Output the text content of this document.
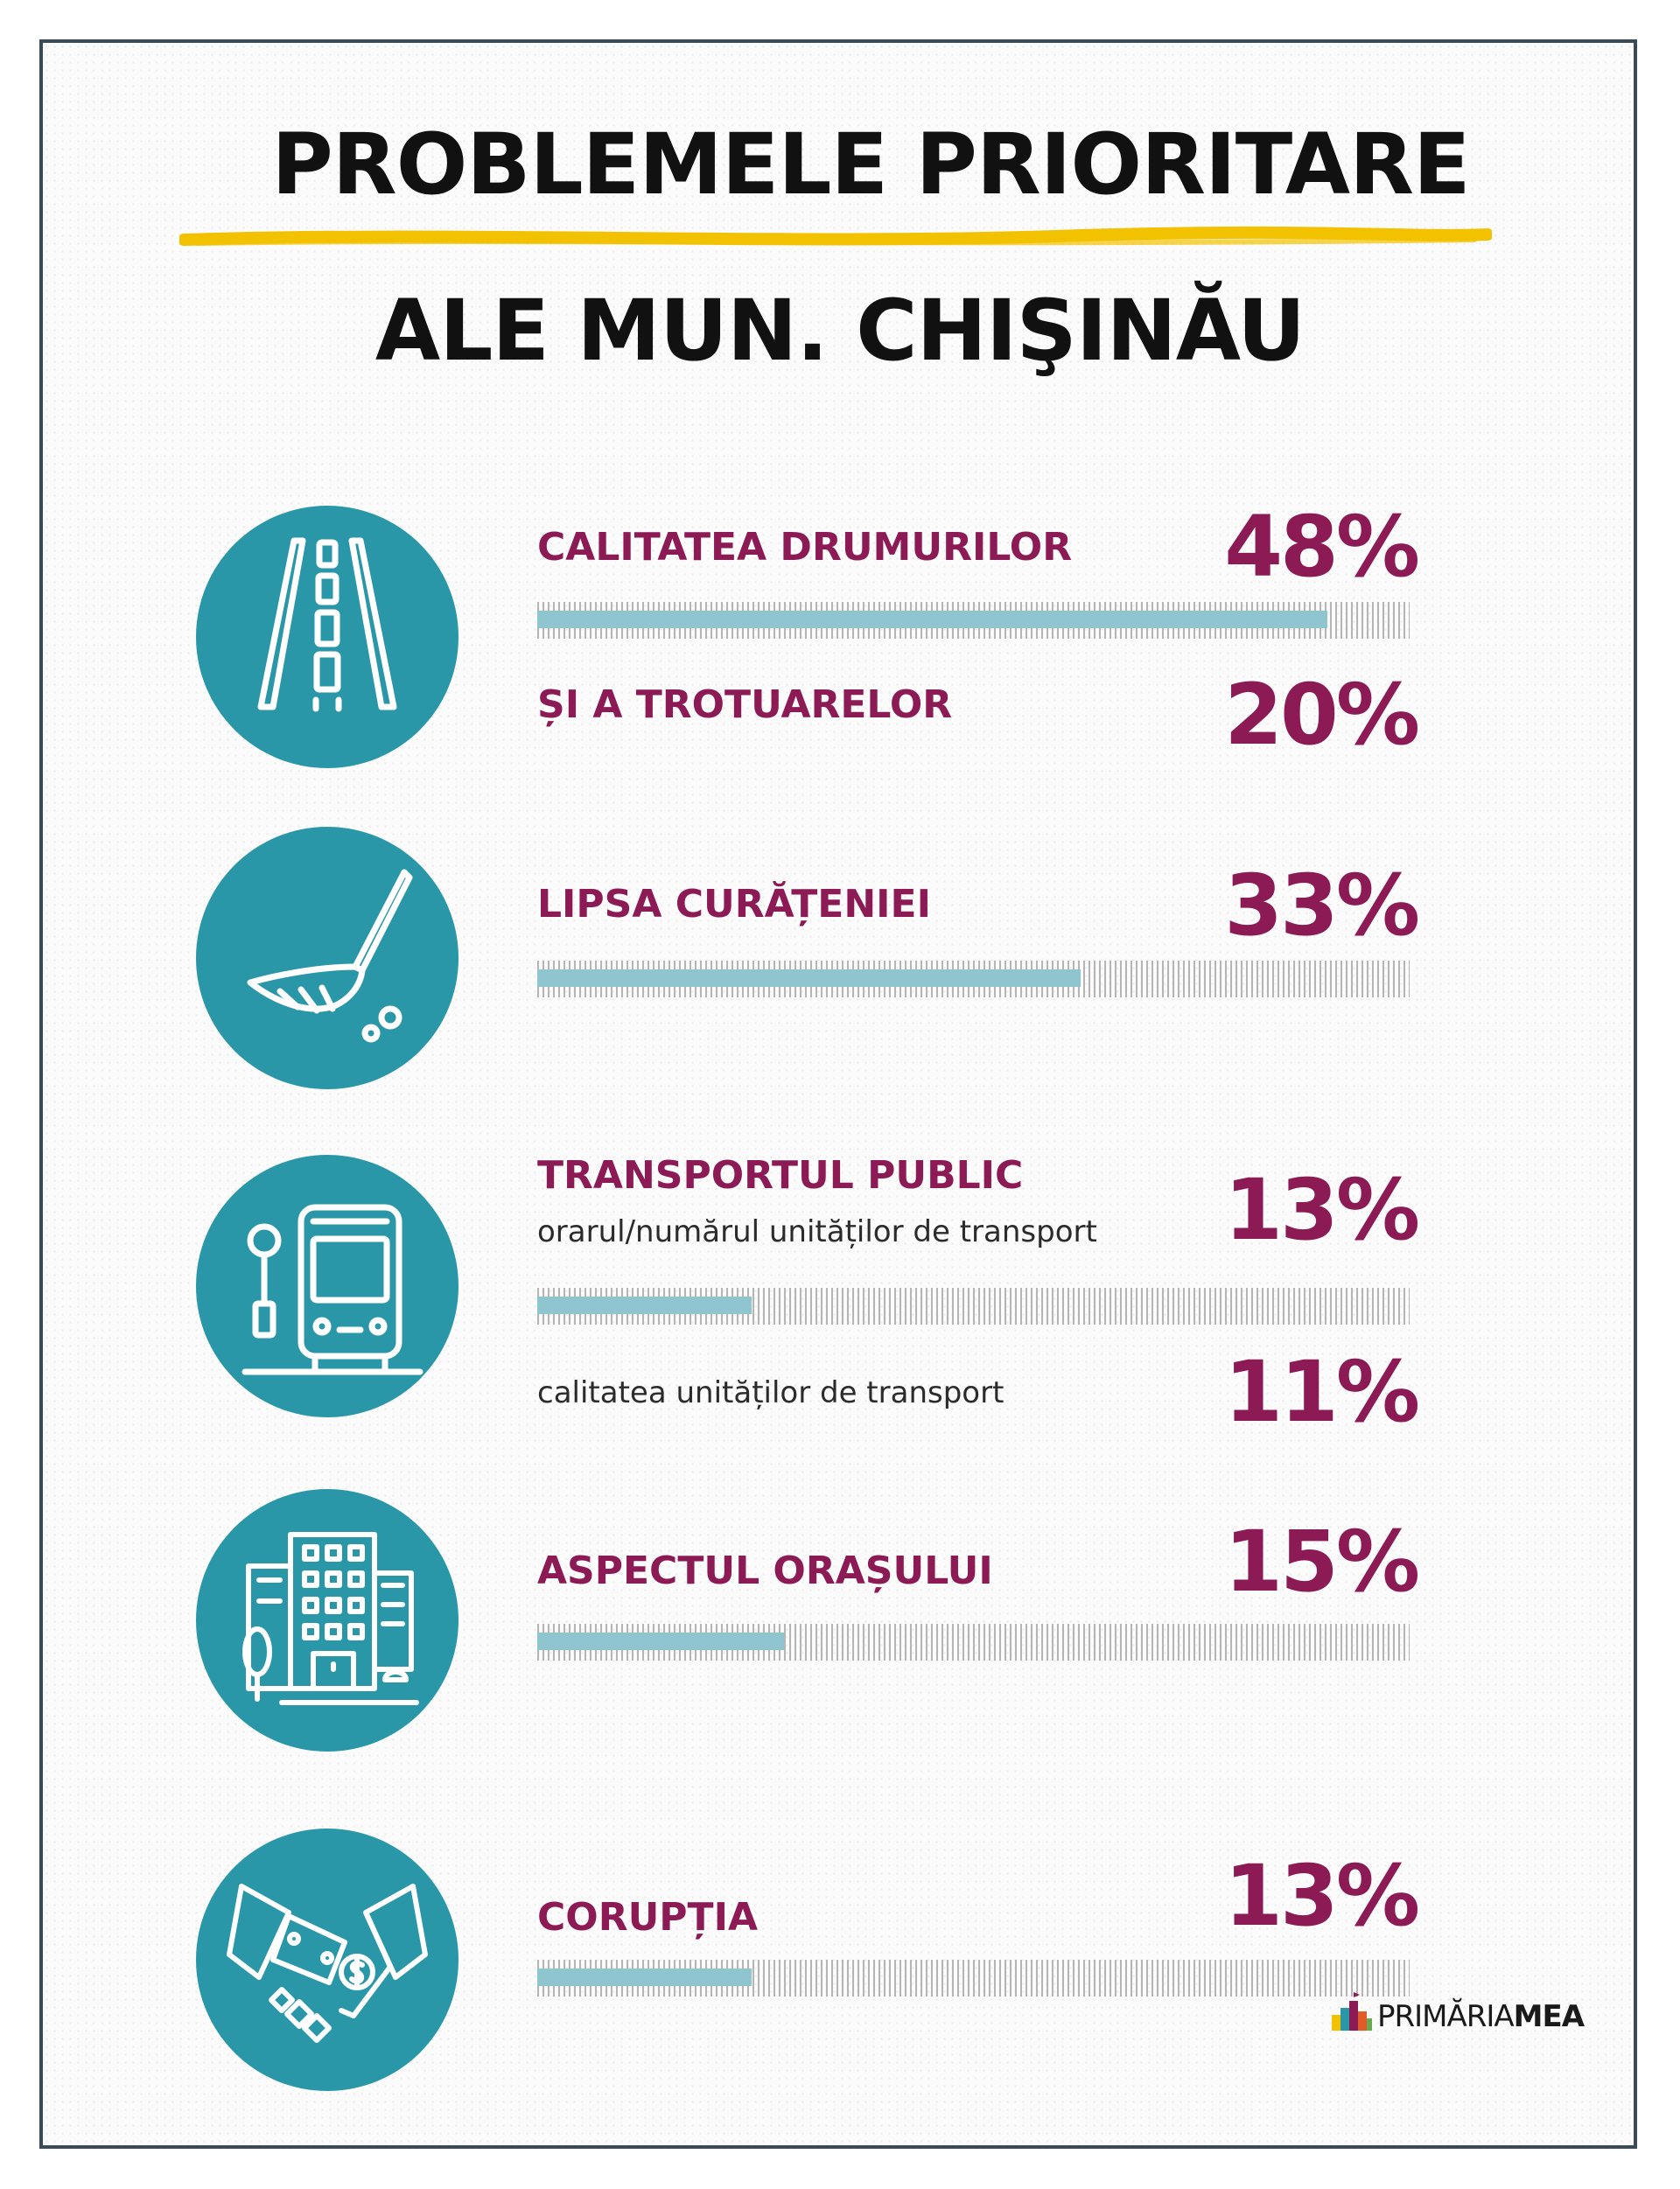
PROBLEMELE PRIORITARE
ALE MUN. CHIŞINĂU
CALITATEA DRUMURILOR	48%
ȘI A TROTUARELOR	20%
LIPSA CURĂȚENIEI	33%
TRANSPORTUL PUBLIC
orarul/numărul unităților de transport	13%
calitatea unităților de transport	11%
ASPECTUL ORAȘULUI	15%
CORUPȚIA	13%
PRIMĂRIAMEA
